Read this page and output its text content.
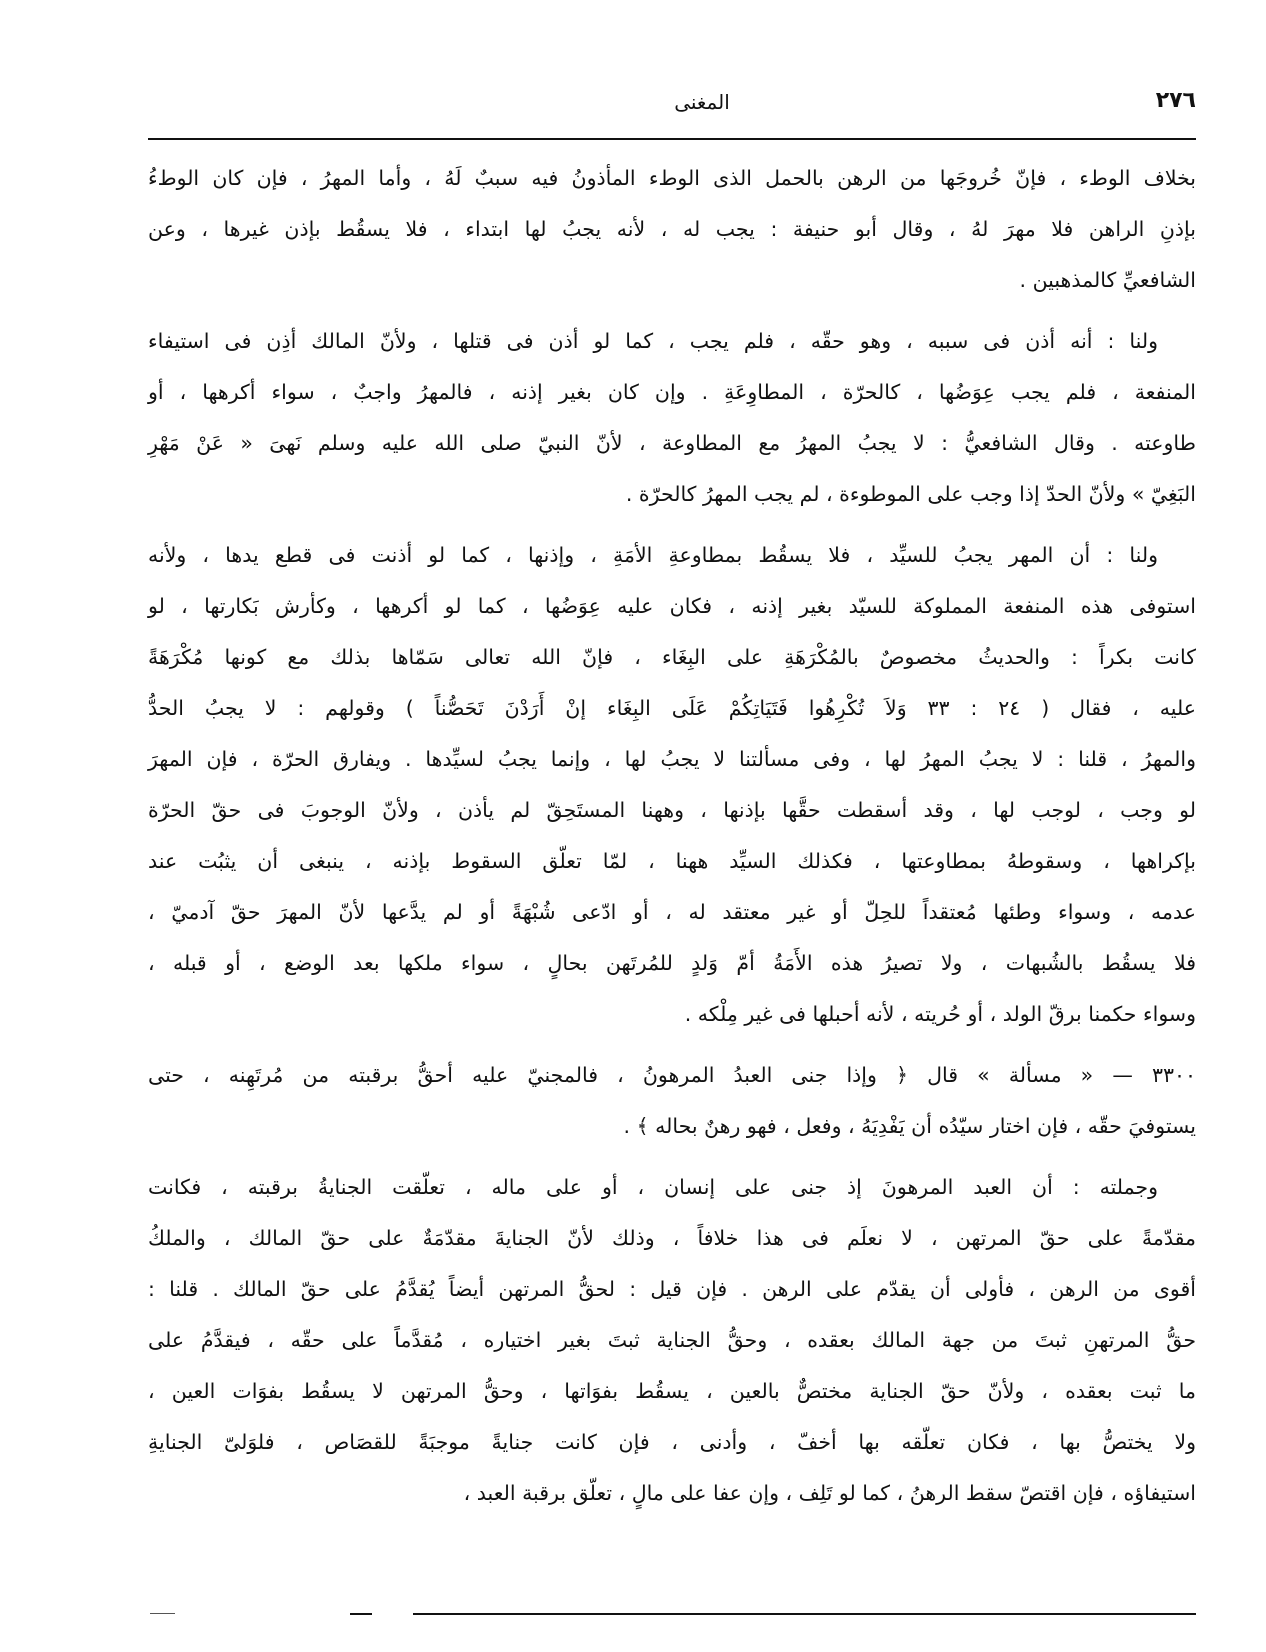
٢٧٦
المغنى
بخلاف الوطء ، فإنّ خُروجَها من الرهن بالحمل الذى الوطء المأذونُ فيه سببٌ لَهُ ، وأما المهرُ ، فإن كان الوطءُ
بإذنِ الراهن فلا مهرَ لهُ ، وقال أبو حنيفة : يجب له ، لأنه يجبُ لها ابتداء ، فلا يسقُط بإذن غيرها ، وعن
الشافعيِّ كالمذهبين .
ولنا : أنه أذن فى سببه ، وهو حقّه ، فلم يجب ، كما لو أذن فى قتلها ، ولأنّ المالك أذِن فى استيفاء
المنفعة ، فلم يجب عِوَضُها ، كالحرّة ، المطاوِعَةِ . وإن كان بغير إذنه ، فالمهرُ واجبٌ ، سواء أكرهها ، أو
طاوعته . وقال الشافعيُّ : لا يجبُ المهرُ مع المطاوعة ، لأنّ النبيّ صلى الله عليه وسلم نَهىَ « عَنْ مَهْرِ
البَغِيّ » ولأنّ الحدّ إذا وجب على الموطوءة ، لم يجب المهرُ كالحرّة .
ولنا : أن المهر يجبُ للسيِّد ، فلا يسقُط بمطاوعةِ الأمَةِ ، وإذنها ، كما لو أذنت فى قطع يدها ، ولأنه
استوفى هذه المنفعة المملوكة للسيّد بغير إذنه ، فكان عليه عِوَضُها ، كما لو أكرهها ، وكأرش بَكارتها ، لو
كانت بكراً : والحديثُ مخصوصٌ بالمُكْرَهَةِ على البِغَاء ، فإنّ الله تعالى سَمّاها بذلك مع كونها مُكْرَهَةً
عليه ، فقال ( ٢٤ : ٣٣ وَلاَ تُكْرِهُوا فَتَيَاتِكُمْ عَلَى البِغَاء إنْ أَرَدْنَ تَحَصُّناً ) وقولهم : لا يجبُ الحدُّ
والمهرُ ، قلنا : لا يجبُ المهرُ لها ، وفى مسألتنا لا يجبُ لها ، وإنما يجبُ لسيِّدها . ويفارق الحرّة ، فإن المهرَ
لو وجب ، لوجب لها ، وقد أسقطت حقَّها بإذنها ، وههنا المستَحِقّ لم يأذن ، ولأنّ الوجوبَ فى حقّ الحرّة
بإكراهها ، وسقوطهُ بمطاوعتها ، فكذلك السيِّد ههنا ، لمّا تعلّق السقوط بإذنه ، ينبغى أن يثبُت عند
عدمه ، وسواء وطئها مُعتقداً للحِلّ أو غير معتقد له ، أو ادّعى شُبْهَةً أو لم يدَّعها لأنّ المهرَ حقّ آدميّ ،
فلا يسقُط بالشُبهات ، ولا تصيرُ هذه الأَمَةُ أمّ وَلدٍ للمُرتَهن بحالٍ ، سواء ملكها بعد الوضع ، أو قبله ،
وسواء حكمنا برقّ الولد ، أو حُريته ، لأنه أحبلها فى غير مِلْكه .
٣٣٠٠ — « مسألة » قال ﴿ وإذا جنى العبدُ المرهونُ ، فالمجنيّ عليه أحقُّ برقبته من مُرتَهِنه ، حتى
يستوفيَ حقّه ، فإن اختار سيّدُه أن يَفْدِيَهُ ، وفعل ، فهو رهنٌ بحاله ﴾ .
وجملته : أن العبد المرهونَ إذ جنى على إنسان ، أو على ماله ، تعلّقت الجنايةُ برقبته ، فكانت
مقدّمةً على حقّ المرتهن ، لا نعلَم فى هذا خلافاً ، وذلك لأنّ الجنايةَ مقدّمَةٌ على حقّ المالك ، والملكُ
أقوى من الرهن ، فأولى أن يقدّم على الرهن . فإن قيل : لحقُّ المرتهن أيضاً يُقدَّمُ على حقّ المالك . قلنا :
حقُّ المرتهنِ ثبتَ من جهة المالك بعقده ، وحقُّ الجناية ثبتَ بغير اختياره ، مُقدَّماً على حقّه ، فيقدَّمُ على
ما ثبت بعقده ، ولأنّ حقّ الجناية مختصٌّ بالعين ، يسقُط بفوَاتها ، وحقُّ المرتهن لا يسقُط بفوَات العين ،
ولا يختصُّ بها ، فكان تعلّقه بها أخفّ ، وأدنى ، فإن كانت جنايةً موجبَةً للقصَاص ، فلوَلىّ الجنايةِ
استيفاؤه ، فإن اقتصّ سقط الرهنُ ، كما لو تَلِف ، وإن عفا على مالٍ ، تعلّق برقبة العبد ،
